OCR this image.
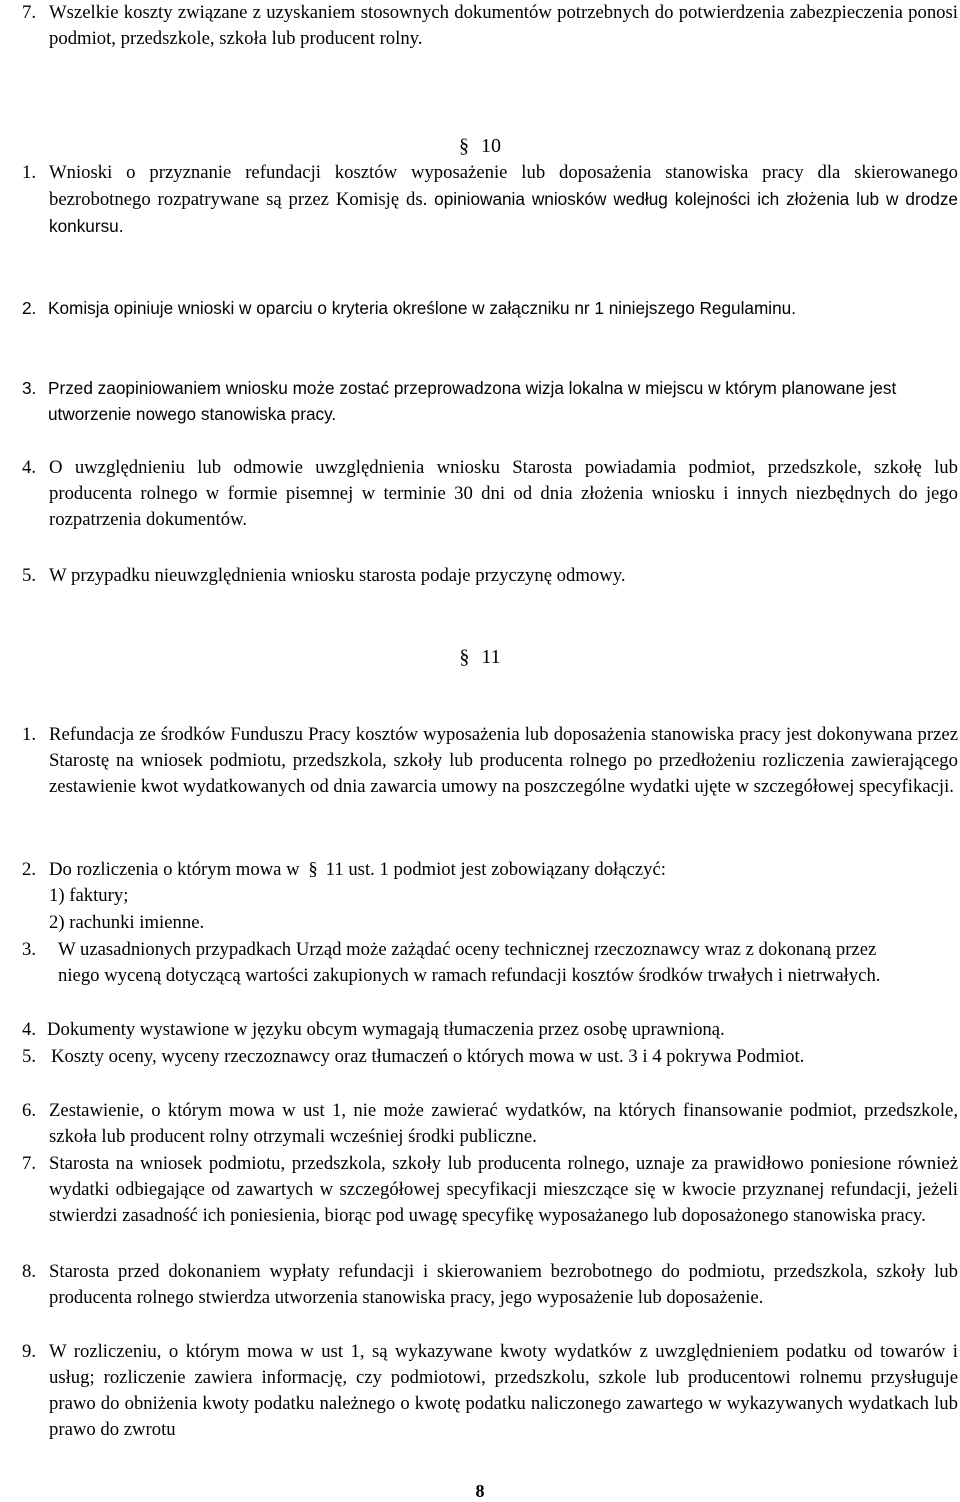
7. Wszelkie koszty związane z uzyskaniem stosownych dokumentów potrzebnych do potwierdzenia zabezpieczenia ponosi podmiot, przedszkole, szkoła lub producent rolny.
§ 10
1. Wnioski o przyznanie refundacji kosztów wyposażenie lub doposażenia stanowiska pracy dla skierowanego bezrobotnego rozpatrywane są przez Komisję ds. opiniowania wniosków według kolejności ich złożenia lub w drodze konkursu.
2. Komisja opiniuje wnioski w oparciu o kryteria określone w załączniku nr 1 niniejszego Regulaminu.
3. Przed zaopiniowaniem wniosku może zostać przeprowadzona wizja lokalna w miejscu w którym planowane jest utworzenie nowego stanowiska pracy.
4. O uwzględnieniu lub odmowie uwzględnienia wniosku Starosta powiadamia podmiot, przedszkole, szkołę lub producenta rolnego w formie pisemnej w terminie 30 dni od dnia złożenia wniosku i innych niezbędnych do jego rozpatrzenia dokumentów.
5. W przypadku nieuwzględnienia wniosku starosta podaje przyczynę odmowy.
§ 11
1. Refundacja ze środków Funduszu Pracy kosztów wyposażenia lub doposażenia stanowiska pracy jest dokonywana przez Starostę na wniosek podmiotu, przedszkola, szkoły lub producenta rolnego po przedłożeniu rozliczenia zawierającego zestawienie kwot wydatkowanych od dnia zawarcia umowy na poszczególne wydatki ujęte w szczegółowej specyfikacji.
2. Do rozliczenia o którym mowa w § 11 ust. 1 podmiot jest zobowiązany dołączyć:
1) faktury;
2) rachunki imienne.
3.	W uzasadnionych przypadkach Urząd może zażądać oceny technicznej rzeczoznawcy wraz z dokonaną przez niego wyceną dotyczącą wartości zakupionych w ramach refundacji kosztów środków trwałych i nietrwałych.
4. Dokumenty wystawione w języku obcym wymagają tłumaczenia przez osobę uprawnioną.
5. Koszty oceny, wyceny rzeczoznawcy oraz tłumaczeń o których mowa w ust. 3 i 4 pokrywa Podmiot.
6. Zestawienie, o którym mowa w ust 1, nie może zawierać wydatków, na których finansowanie podmiot, przedszkole, szkoła lub producent rolny otrzymali wcześniej środki publiczne.
7. Starosta na wniosek podmiotu, przedszkola, szkoły lub producenta rolnego, uznaje za prawidłowo poniesione również wydatki odbiegające od zawartych w szczegółowej specyfikacji mieszczące się w kwocie przyznanej refundacji, jeżeli stwierdzi zasadność ich poniesienia, biorąc pod uwagę specyfikę wyposażanego lub doposażonego stanowiska pracy.
8. Starosta przed dokonaniem wypłaty refundacji i skierowaniem bezrobotnego do podmiotu, przedszkola, szkoły lub producenta rolnego stwierdza utworzenia stanowiska pracy, jego wyposażenie lub doposażenie.
9. W rozliczeniu, o którym mowa w ust 1, są wykazywane kwoty wydatków z uwzględnieniem podatku od towarów i usług; rozliczenie zawiera informację, czy podmiotowi, przedszkolu, szkole lub producentowi rolnemu przysługuje prawo do obniżenia kwoty podatku należnego o kwotę podatku naliczonego zawartego w wykazywanych wydatkach lub prawo do zwrotu
8
